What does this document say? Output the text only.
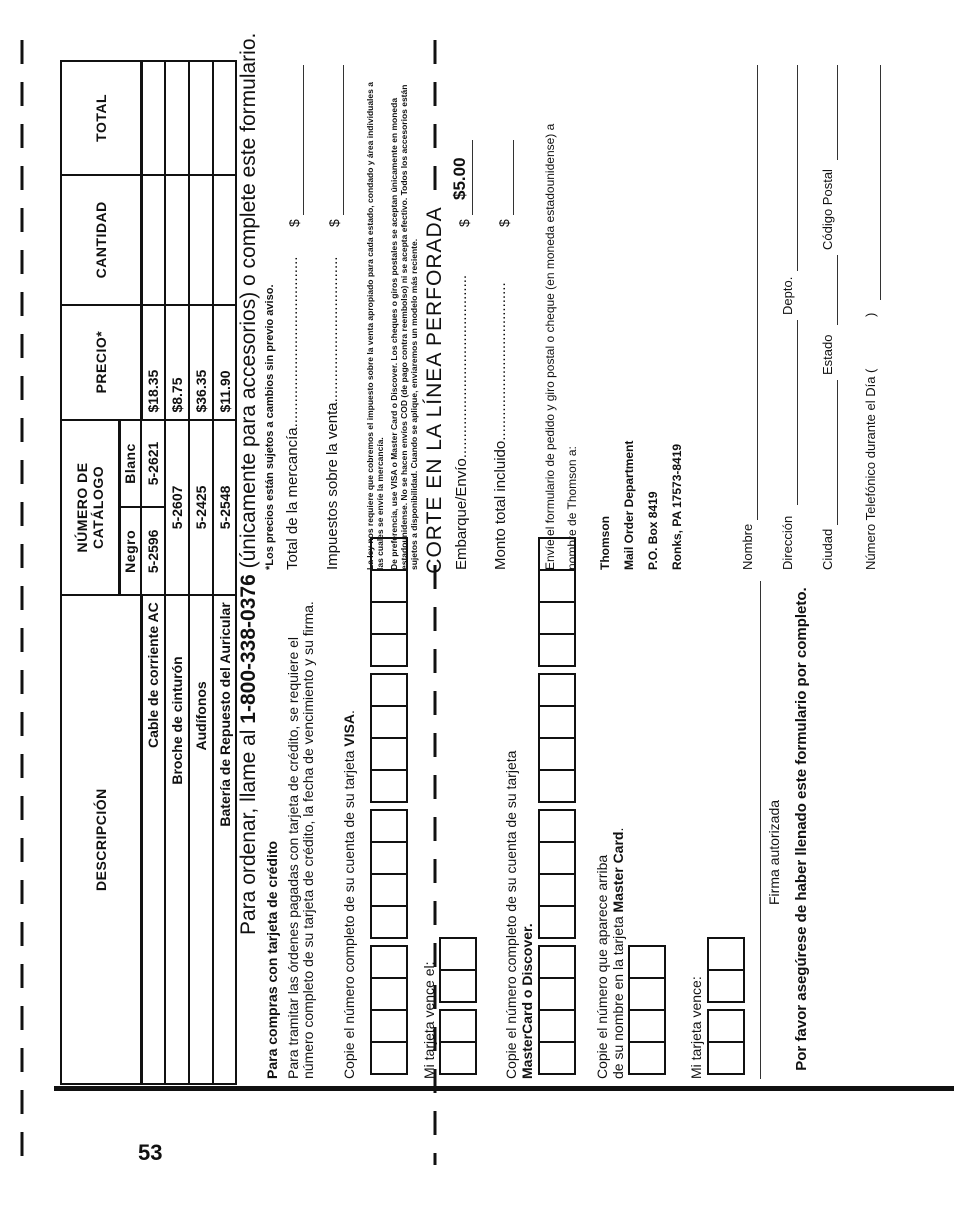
CORTE EN LA LÍNEA PERFORADA
53
DESCRIPCIÓN	NÚMERO DE CATÁLOGO		PRECIO*	CANTIDAD	TOTAL
	Negro	Blanc			
Cable de corriente AC	5-2596	5-2621	$18.35		
Broche de cinturón	5-2607		$8.75		
Audífonos	5-2425		$36.35		
Batería de Repuesto del Auricular	5-2548		$11.90		
Para ordenar, llame al 1-800-338-0376 (únicamente para accesorios) o complete este formulario.
Para compras con tarjeta de crédito Para tramitar las órdenes pagadas con tarjeta de crédito, se requiere el número completo de su tarjeta de crédito, la fecha de vencimiento y su firma. Copie el número completo de su cuenta de su tarjeta VISA.
Mi tarjeta vence el:	Copie el número completo de su cuenta de su tarjeta MasterCard o Discover.	Copie el número que aparece arriba de su nombre en la tarjeta Master Card.
Mi tarjeta vence:
Firma autorizada Por favor asegúrese de haber llenado este formulario por completo.
*Los precios están sujetos a cambios sin previo aviso. Total de la mercancía.........................................
$
Impuestos sobre la venta...................................
$	La ley nos requiere que cobremos el impuesto sobre la venta apropiado para cada estado, condado y área individuales a las cuales se envíe la mercancía. De preferencia, use VISA o Master Card o Discover. Los cheques o giros postales se aceptan únicamente en moneda estadounidense. No se hacen envíos COD (de pago contra reembolso) ni se acepta efectivo. Todos los accesorios están sujetos a disponibilidad. Cuando se aplique, enviaremos un modelo más reciente. Embarque/Envío............................................
$
$5.00
Monto total incluido......................................
$	Envíe el formulario de pedido y giro postal o cheque (en moneda estadounidense) a nombre de Thomson a:	Thomson Mail Order Department P.O. Box 8419 Ronks, PA 17573-8419	Nombre Dirección
Depto.
Ciudad
Estado
Código Postal
Número Telefónico durante el Día (
)
